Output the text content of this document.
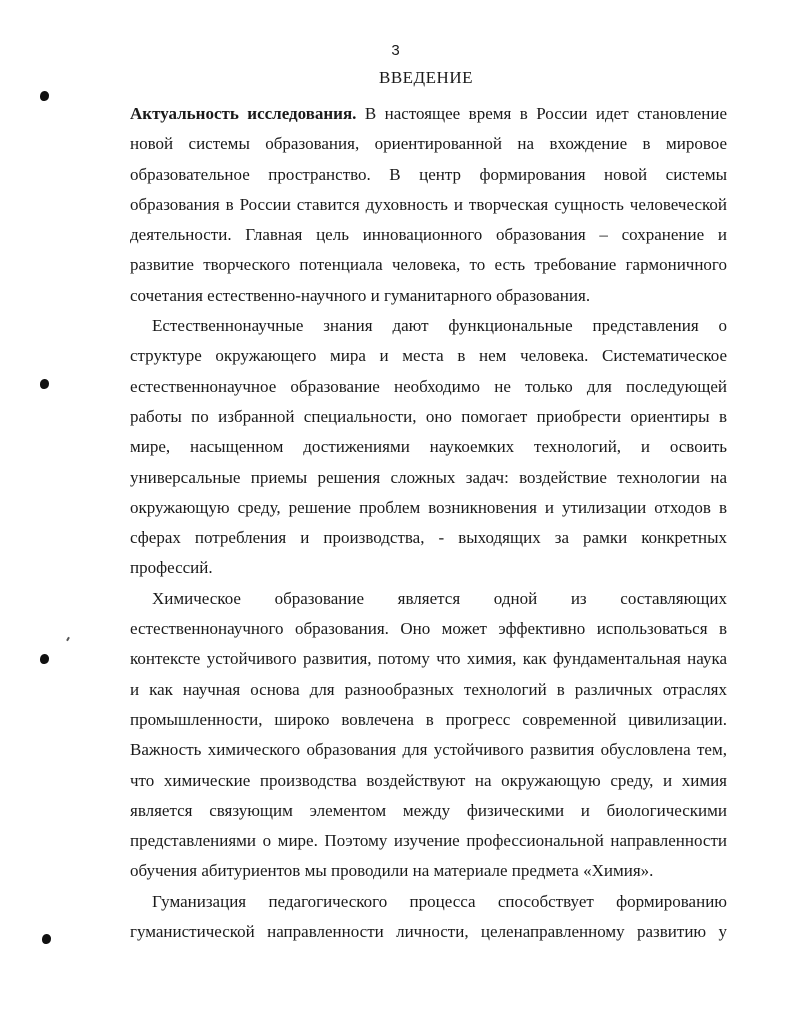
3
ВВЕДЕНИЕ
Актуальность исследования. В настоящее время в России идет становление
новой системы образования, ориентированной на вхождение в мировое
образовательное пространство. В центр формирования новой системы
образования в России ставится духовность и творческая сущность человеческой
деятельности. Главная цель инновационного образования – сохранение и
развитие творческого потенциала человека, то есть требование гармоничного
сочетания естественно-научного и гуманитарного образования.
Естественнонаучные знания дают функциональные представления о
структуре окружающего мира и места в нем человека. Систематическое
естественнонаучное образование необходимо не только для последующей
работы по избранной специальности, оно помогает приобрести ориентиры в
мире, насыщенном достижениями наукоемких технологий, и освоить
универсальные приемы решения сложных задач: воздействие технологии на
окружающую среду, решение проблем возникновения и утилизации отходов в
сферах потребления и производства, - выходящих за рамки конкретных
профессий.
Химическое образование является одной из составляющих
естественнонаучного образования. Оно может эффективно использоваться в
контексте устойчивого развития, потому что химия, как фундаментальная наука
и как научная основа для разнообразных технологий в различных отраслях
промышленности, широко вовлечена в прогресс современной цивилизации.
Важность химического образования для устойчивого развития обусловлена тем,
что химические производства воздействуют на окружающую среду, и химия
является связующим элементом между физическими и биологическими
представлениями о мире. Поэтому изучение профессиональной направленности
обучения абитуриентов мы проводили на материале предмета «Химия».
Гуманизация педагогического процесса способствует формированию
гуманистической направленности личности, целенаправленному развитию у
